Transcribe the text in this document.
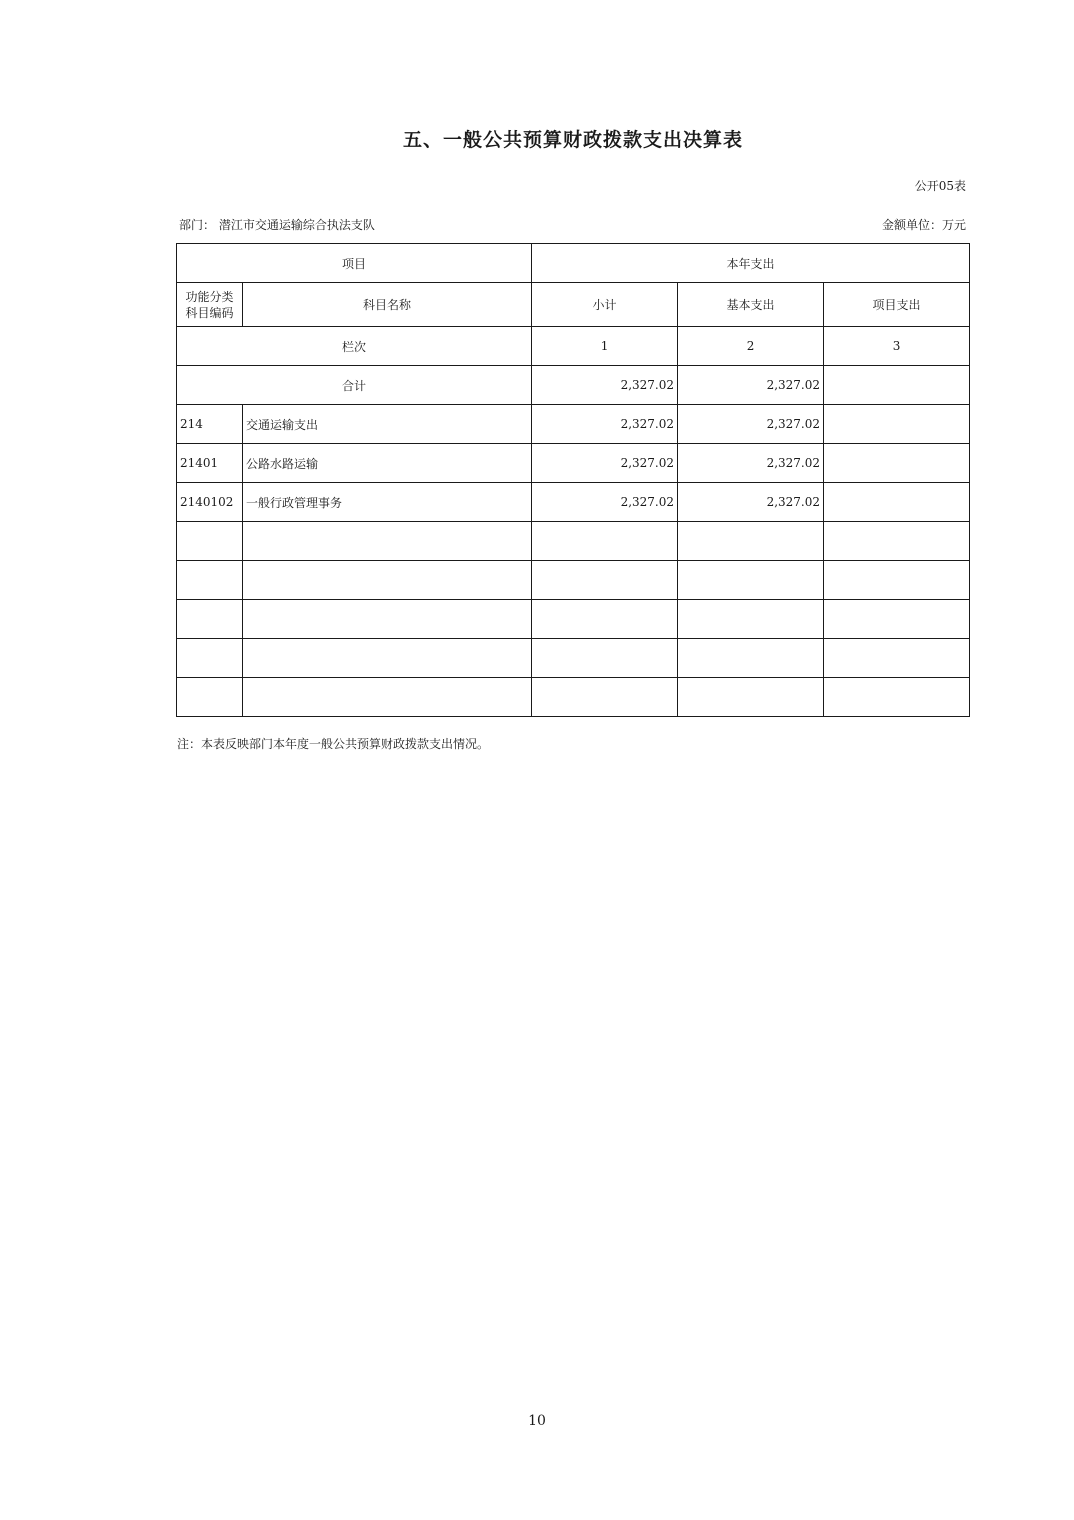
五、一般公共预算财政拨款支出决算表
公开05表
部门： 潜江市交通运输综合执法支队	金额单位：万元
项目		本年支出		
功能分类科目编码	科目名称	小计	基本支出	项目支出
栏次		1	2	3
合计		2,327.02	2,327.02	
214	交通运输支出	2,327.02	2,327.02	
21401	公路水路运输	2,327.02	2,327.02	
2140102	一般行政管理事务	2,327.02	2,327.02	

注：本表反映部门本年度一般公共预算财政拨款支出情况。
10
